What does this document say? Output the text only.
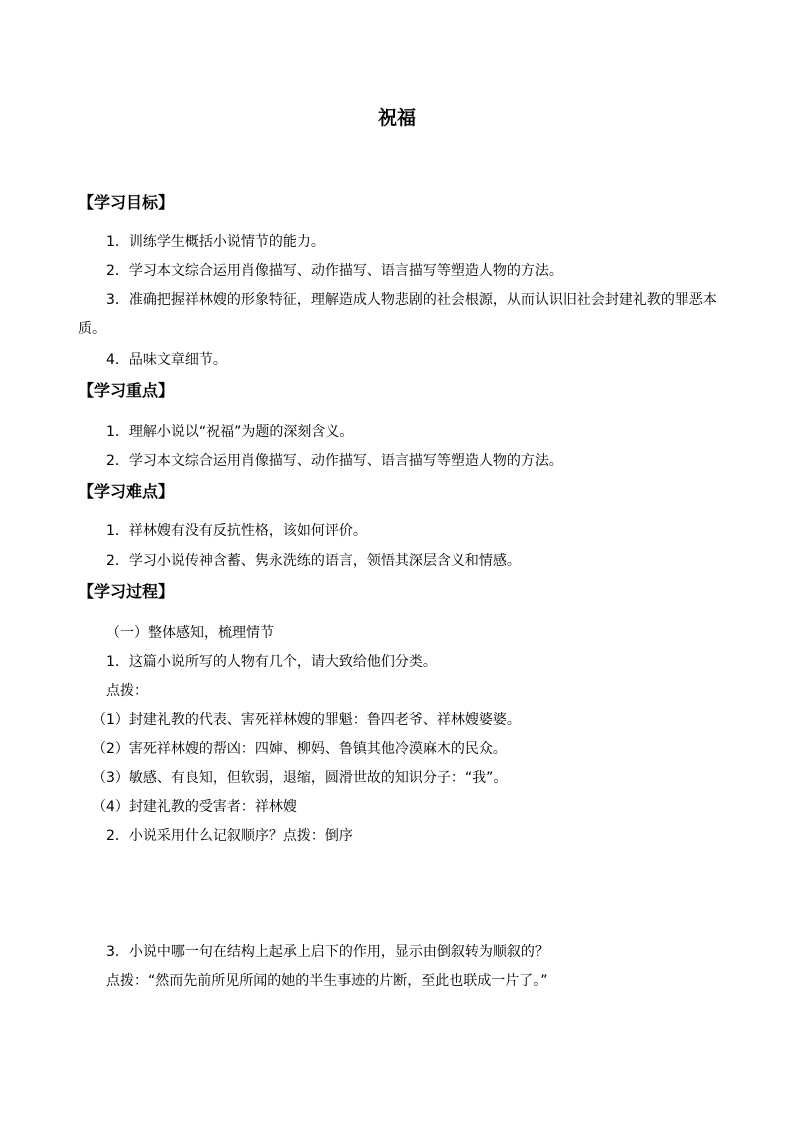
祝福
【学习目标】
1．训练学生概括小说情节的能力。
2．学习本文综合运用肖像描写、动作描写、语言描写等塑造人物的方法。
3．准确把握祥林嫂的形象特征，理解造成人物悲剧的社会根源，从而认识旧社会封建礼教的罪恶本质。
4．品味文章细节。
【学习重点】
1．理解小说以“祝福”为题的深刻含义。
2．学习本文综合运用肖像描写、动作描写、语言描写等塑造人物的方法。
【学习难点】
1．祥林嫂有没有反抗性格，该如何评价。
2．学习小说传神含蓄、隽永洗练的语言，领悟其深层含义和情感。
【学习过程】
（一）整体感知，梳理情节
1．这篇小说所写的人物有几个，请大致给他们分类。
点拨：
（1）封建礼教的代表、害死祥林嫂的罪魁：鲁四老爷、祥林嫂婆婆。
（2）害死祥林嫂的帮凶：四婶、柳妈、鲁镇其他冷漠麻木的民众。
（3）敏感、有良知，但软弱，退缩，圆滑世故的知识分子：“我”。
（4）封建礼教的受害者：祥林嫂
2．小说采用什么记叙顺序？点拨：倒序
3．小说中哪一句在结构上起承上启下的作用，显示由倒叙转为顺叙的？
点拨：“然而先前所见所闻的她的半生事迹的片断，至此也联成一片了。”
